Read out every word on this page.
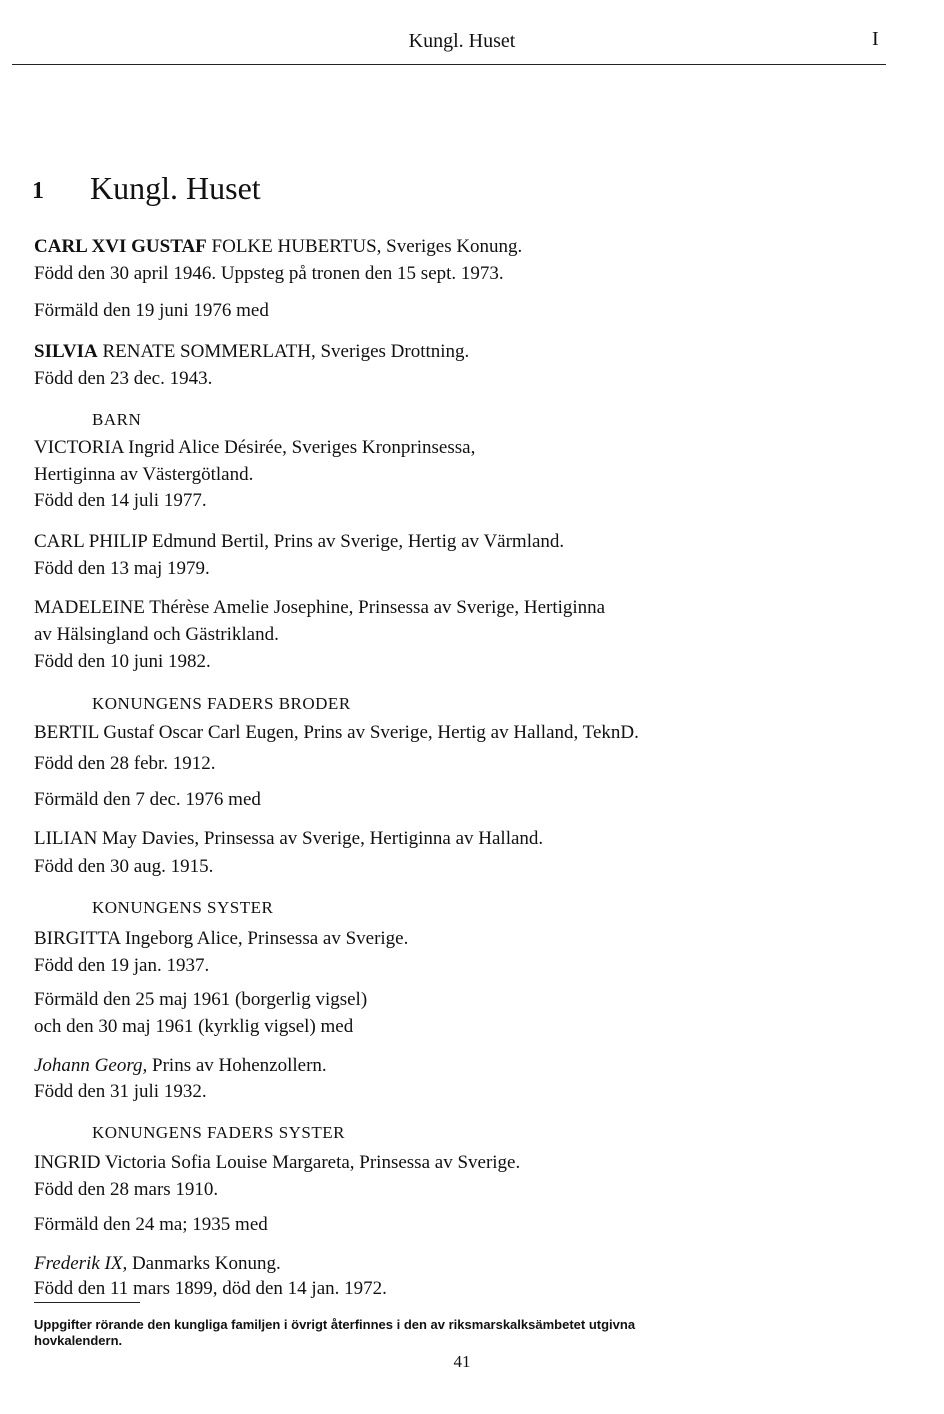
Kungl. Huset	I
1 Kungl. Huset
CARL XVI GUSTAF FOLKE HUBERTUS, Sveriges Konung.
Född den 30 april 1946. Uppsteg på tronen den 15 sept. 1973.
Förmäld den 19 juni 1976 med
SILVIA RENATE SOMMERLATH, Sveriges Drottning.
Född den 23 dec. 1943.
BARN
VICTORIA Ingrid Alice Désirée, Sveriges Kronprinsessa,
Hertiginna av Västergötland.
Född den 14 juli 1977.
CARL PHILIP Edmund Bertil, Prins av Sverige, Hertig av Värmland.
Född den 13 maj 1979.
MADELEINE Thérèse Amelie Josephine, Prinsessa av Sverige, Hertiginna
av Hälsingland och Gästrikland.
Född den 10 juni 1982.
KONUNGENS FADERS BRODER
BERTIL Gustaf Oscar Carl Eugen, Prins av Sverige, Hertig av Halland, TeknD.
Född den 28 febr. 1912.
Förmäld den 7 dec. 1976 med
LILIAN May Davies, Prinsessa av Sverige, Hertiginna av Halland.
Född den 30 aug. 1915.
KONUNGENS SYSTER
BIRGITTA Ingeborg Alice, Prinsessa av Sverige.
Född den 19 jan. 1937.
Förmäld den 25 maj 1961 (borgerlig vigsel)
och den 30 maj 1961 (kyrklig vigsel) med
Johann Georg, Prins av Hohenzollern.
Född den 31 juli 1932.
KONUNGENS FADERS SYSTER
INGRID Victoria Sofia Louise Margareta, Prinsessa av Sverige.
Född den 28 mars 1910.
Förmäld den 24 ma; 1935 med
Frederik IX, Danmarks Konung.
Född den 11 mars 1899, död den 14 jan. 1972.
Uppgifter rörande den kungliga familjen i övrigt återfinnes i den av riksmarskalksämbetet utgivna
hovkalendern.
41
